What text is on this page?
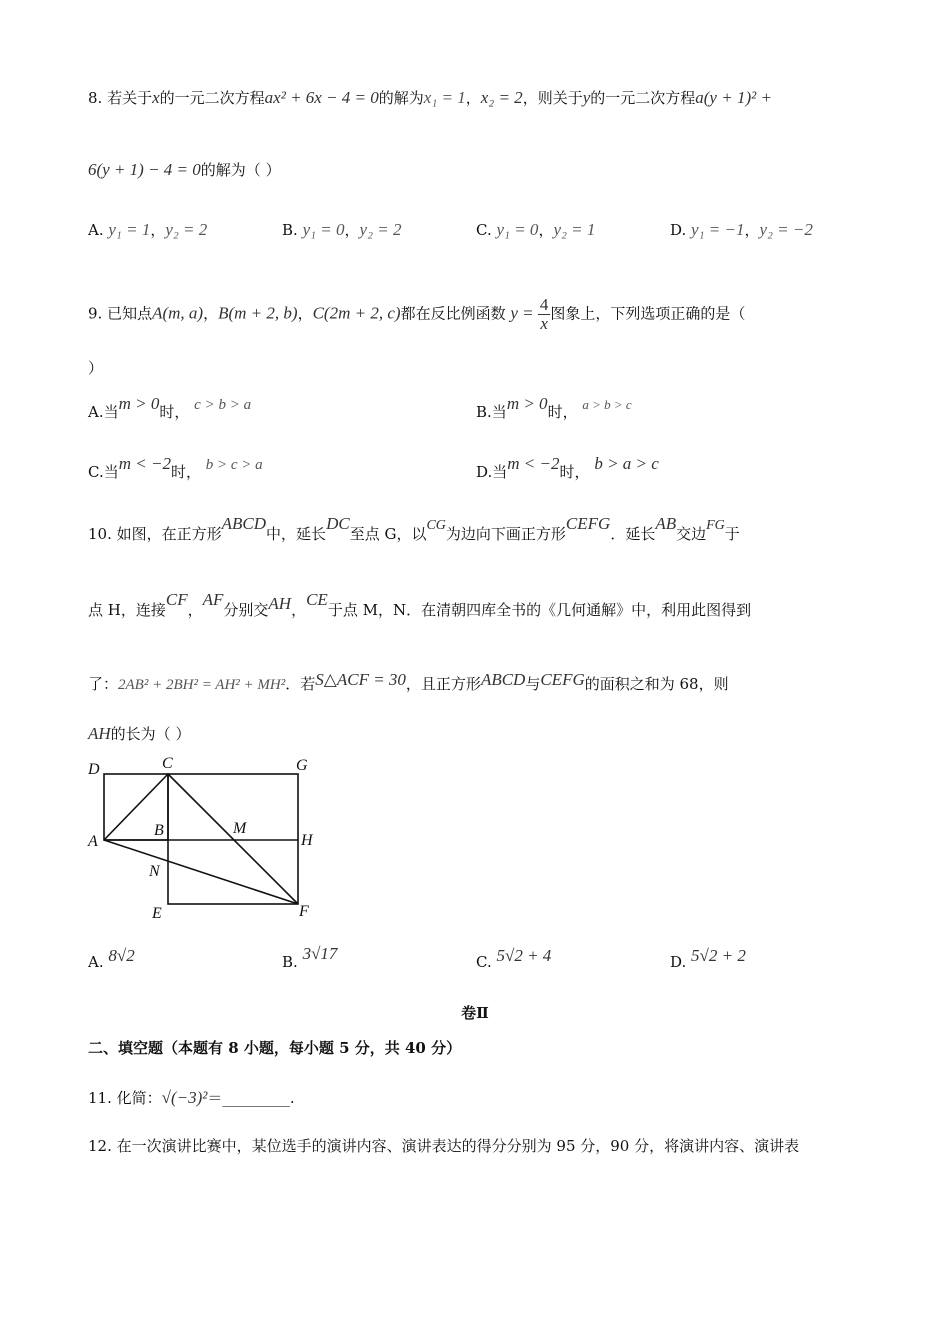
8. 若关于x的一元二次方程ax² + 6x − 4 = 0的解为x₁ = 1，x₂ = 2，则关于y的一元二次方程a(y + 1)² +
6(y + 1) − 4 = 0的解为（ ）
A. y₁ = 1，y₂ = 2	B. y₁ = 0，y₂ = 2	C. y₁ = 0，y₂ = 1	D. y₁ = −1，y₂ = −2
9. 已知点A(m, a)，B(m + 2, b)，C(2m + 2, c)都在反比例函数 $y = \frac{4}{x}$ 图象上，下列选项正确的是（
）
A.当m > 0时， c > b > a	B.当m > 0时， a > b > c
C.当m < −2时， b > c > a	D.当m < −2时， b > a > c
10. 如图，在正方形ABCD中，延长DC至点 G，以CG为边向下画正方形CEFG．延长AB交边FG于
点 H，连接CF，AF分别交AH，CE于点 M，N．在清朝四库全书的《几何通解》中，利用此图得到
了：2AB² + 2BH² = AH² + MH²．若S△ACF = 30，且正方形ABCD与CEFG的面积之和为 68，则
AH的长为（ ）
D	C	G
A
B	M
H
N
E	F
A. 8√2	B. 3√17	C. 5√2 + 4	D. 5√2 + 2
卷Ⅱ
二、填空题（本题有 8 小题，每小题 5 分，共 40 分）
11. 化简：√(−3)²＝_________.
12. 在一次演讲比赛中，某位选手的演讲内容、演讲表达的得分分别为 95 分，90 分，将演讲内容、演讲表
